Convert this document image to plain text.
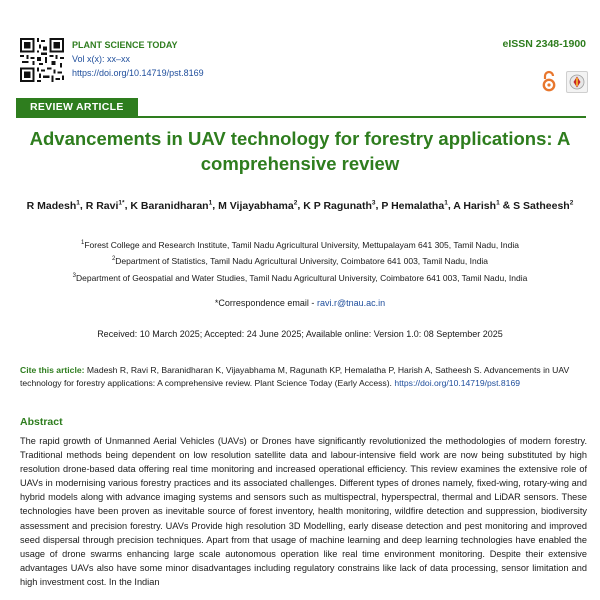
PLANT SCIENCE TODAY
Vol x(x): xx–xx
https://doi.org/10.14719/pst.8169
eISSN 2348-1900
REVIEW ARTICLE
Advancements in UAV technology for forestry applications: A comprehensive review
R Madesh$^1$, R Ravi$^{1*}$, K Baranidharan$^1$, M Vijayabhama$^2$, K P Ragunath$^3$, P Hemalatha$^1$, A Harish$^1$ & S Satheesh$^2$
$^1$Forest College and Research Institute, Tamil Nadu Agricultural University, Mettupalayam 641 305, Tamil Nadu, India
$^2$Department of Statistics, Tamil Nadu Agricultural University, Coimbatore 641 003, Tamil Nadu, India
$^3$Department of Geospatial and Water Studies, Tamil Nadu Agricultural University, Coimbatore 641 003, Tamil Nadu, India
*Correspondence email - ravi.r@tnau.ac.in
Received: 10 March 2025; Accepted: 24 June 2025; Available online: Version 1.0: 08 September 2025
Cite this article: Madesh R, Ravi R, Baranidharan K, Vijayabhama M, Ragunath KP, Hemalatha P, Harish A, Satheesh S. Advancements in UAV technology for forestry applications: A comprehensive review. Plant Science Today (Early Access). https://doi.org/10.14719/pst.8169
Abstract
The rapid growth of Unmanned Aerial Vehicles (UAVs) or Drones have significantly revolutionized the methodologies of modern forestry. Traditional methods being dependent on low resolution satellite data and labour-intensive field work are now being substituted by high resolution drone-based data offering real time monitoring and increased operational efficiency. This review examines the extensive role of UAVs in modernising various forestry practices and its associated challenges. Different types of drones namely, fixed-wing, rotary-wing and hybrid models along with advance imaging systems and sensors such as multispectral, hyperspectral, thermal and LiDAR sensors. These technologies have been proven as inevitable source of forest inventory, health monitoring, wildfire detection and suppression, biodiversity assessment and precision forestry. UAVs Provide high resolution 3D Modelling, early disease detection and pest monitoring and improved seed dispersal through precision techniques. Apart from that usage of machine learning and deep learning technologies have enabled the usage of drone swarms enhancing large scale autonomous operation like real time environment monitoring. Despite their extensive advantages UAVs also have some minor disadvantages including regulatory constrains like lack of data processing, sensor limitation and high investment cost. In the Indian
